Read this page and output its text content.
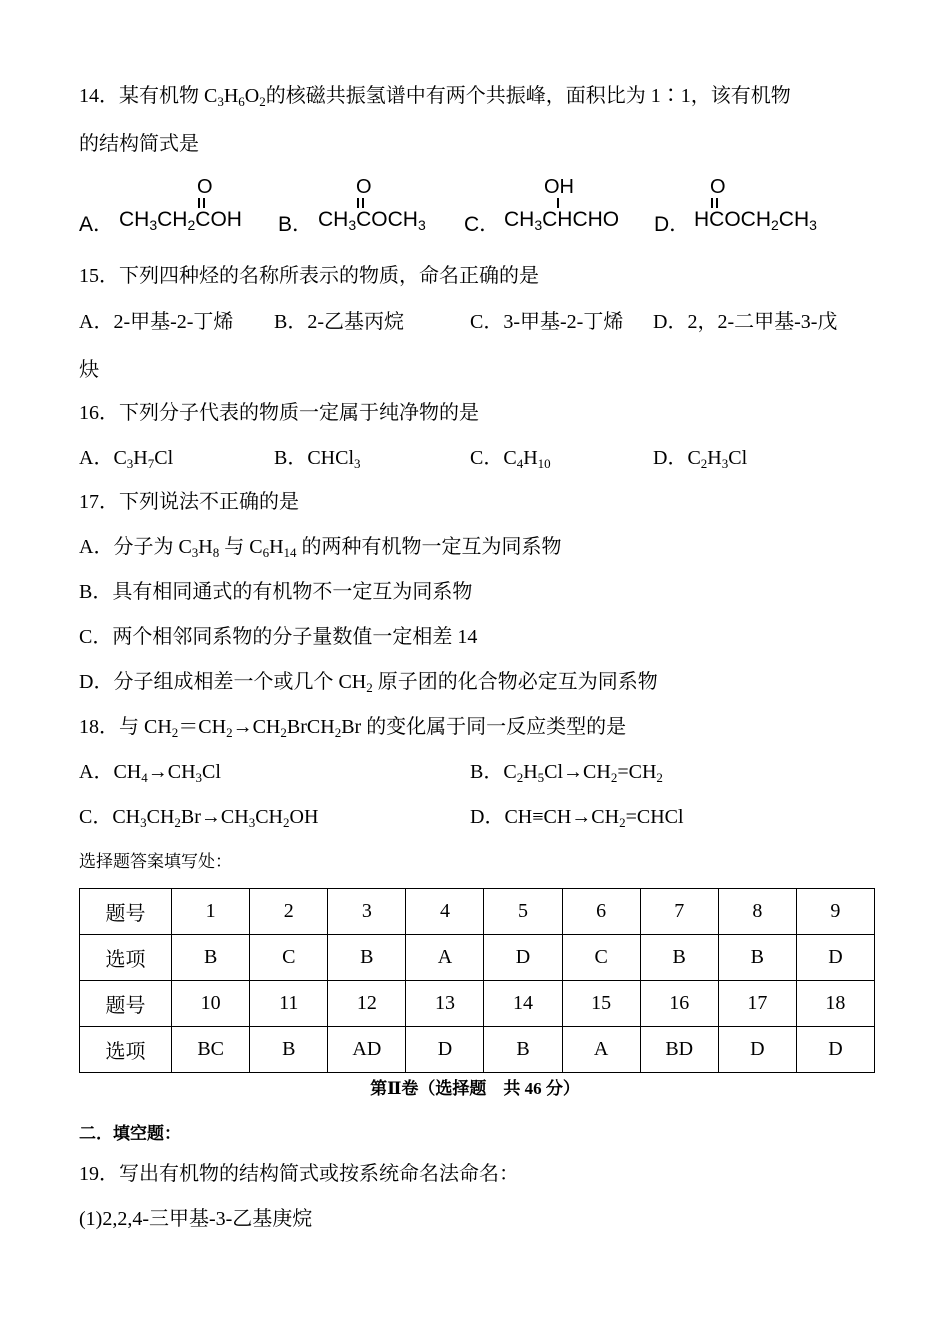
14．某有机物 $C_3H_6O_2$的核磁共振氢谱中有两个共振峰，面积比为 1∶1，该有机物
的结构简式是
A．
O
$CH_3CH_2COH$ B．
O
$CH_3COCH_3$ C．
OH
$CH_3CHCHO$ D．
O
$HCOCH_2CH_3$
15．下列四种烃的名称所表示的物质，命名正确的是
A．2-甲基-2-丁烯 B．2-乙基丙烷	C．3-甲基-2-丁烯 D．2，2-二甲基-3-戊
炔
16．下列分子代表的物质一定属于纯净物的是
A．$C_3H_7Cl$	B．CHCl$_3$	C．$C_4H_{10}$	D．$C_2H_3Cl$
17．下列说法不正确的是
A．分子为 $C_3H_8$ 与 $C_6H_{14}$ 的两种有机物一定互为同系物
B．具有相同通式的有机物不一定互为同系物
C．两个相邻同系物的分子量数值一定相差 14
D．分子组成相差一个或几个 $CH_2$ 原子团的化合物必定互为同系物
18．与 $CH_2=CH_2\to CH_2BrCH_2Br$ 的变化属于同一反应类型的是
A．$CH_4\to CH_3Cl$	B．$C_2H_5Cl\to CH_2=CH_2$
C．$CH_3CH_2Br\to CH_3CH_2OH$	D．$CH\equiv CH\to CH_2=CHCl$
选择题答案填写处：
题号	1	2	3	4	5	6	7	8	9
选项	B	C	B	A	D	C	B	B	D
题号	10	11	12	13	14	15	16	17	18
选项	BC	B	AD	D	B	A	BD	D	D
第Ⅱ卷（选择题　共 46 分）
二．填空题：
19．写出有机物的结构简式或按系统命名法命名：
(1)2,2,4-三甲基-3-乙基庚烷
